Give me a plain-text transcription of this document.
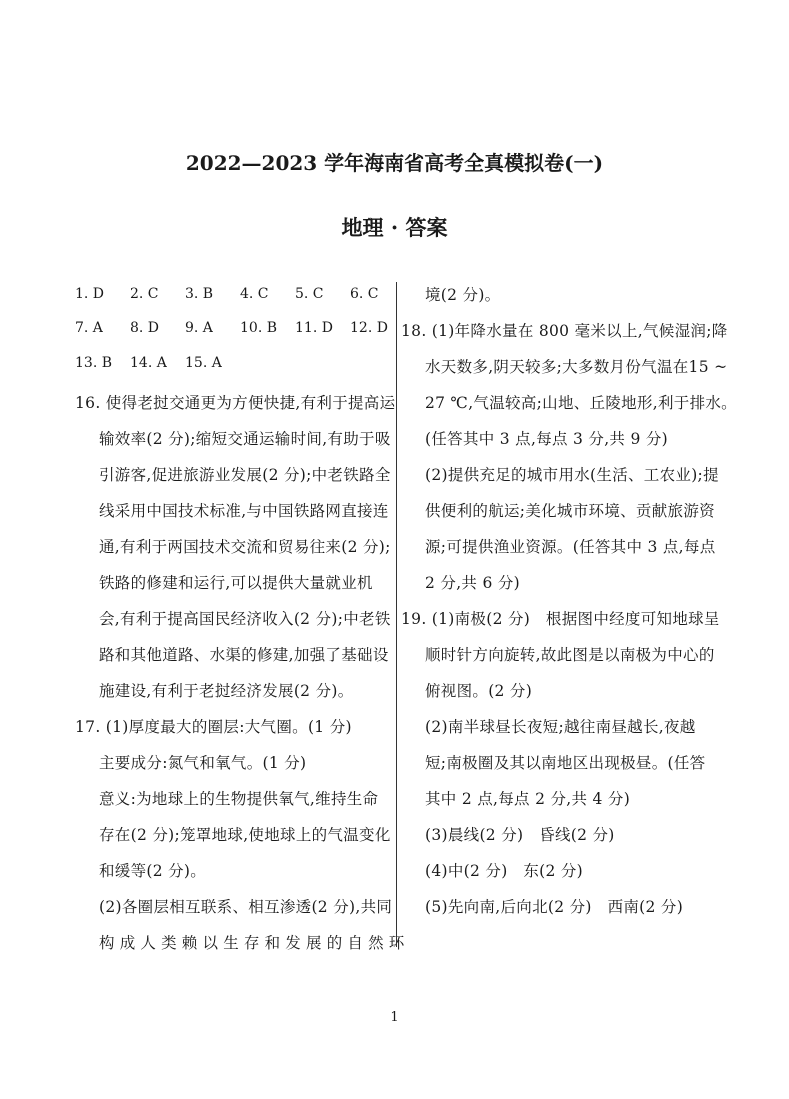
2022—2023 学年海南省高考全真模拟卷(一)
地理 · 答案
1. D 2. C 3. B 4. C 5. C 6. C
7. A 8. D 9. A 10. B 11. D 12. D
13. B 14. A 15. A
16. 使得老挝交通更为方便快捷,有利于提高运
输效率(2 分);缩短交通运输时间,有助于吸
引游客,促进旅游业发展(2 分);中老铁路全
线采用中国技术标准,与中国铁路网直接连
通,有利于两国技术交流和贸易往来(2 分);
铁路的修建和运行,可以提供大量就业机
会,有利于提高国民经济收入(2 分);中老铁
路和其他道路、水渠的修建,加强了基础设
施建设,有利于老挝经济发展(2 分)。
17. (1)厚度最大的圈层:大气圈。(1 分)
主要成分:氮气和氧气。(1 分)
意义:为地球上的生物提供氧气,维持生命
存在(2 分);笼罩地球,使地球上的气温变化
和缓等(2 分)。
(2)各圈层相互联系、相互渗透(2 分),共同
构成人类赖以生存和发展的自然环
境(2 分)。
18. (1)年降水量在 800 毫米以上,气候湿润;降
水天数多,阴天较多;大多数月份气温在15 ~
27 ℃,气温较高;山地、丘陵地形,利于排水。
(任答其中 3 点,每点 3 分,共 9 分)
(2)提供充足的城市用水(生活、工农业);提
供便利的航运;美化城市环境、贡献旅游资
源;可提供渔业资源。(任答其中 3 点,每点
2 分,共 6 分)
19. (1)南极(2 分)　根据图中经度可知地球呈
顺时针方向旋转,故此图是以南极为中心的
俯视图。(2 分)
(2)南半球昼长夜短;越往南昼越长,夜越
短;南极圈及其以南地区出现极昼。(任答
其中 2 点,每点 2 分,共 4 分)
(3)晨线(2 分)　昏线(2 分)
(4)中(2 分)　东(2 分)
(5)先向南,后向北(2 分)　西南(2 分)
1
